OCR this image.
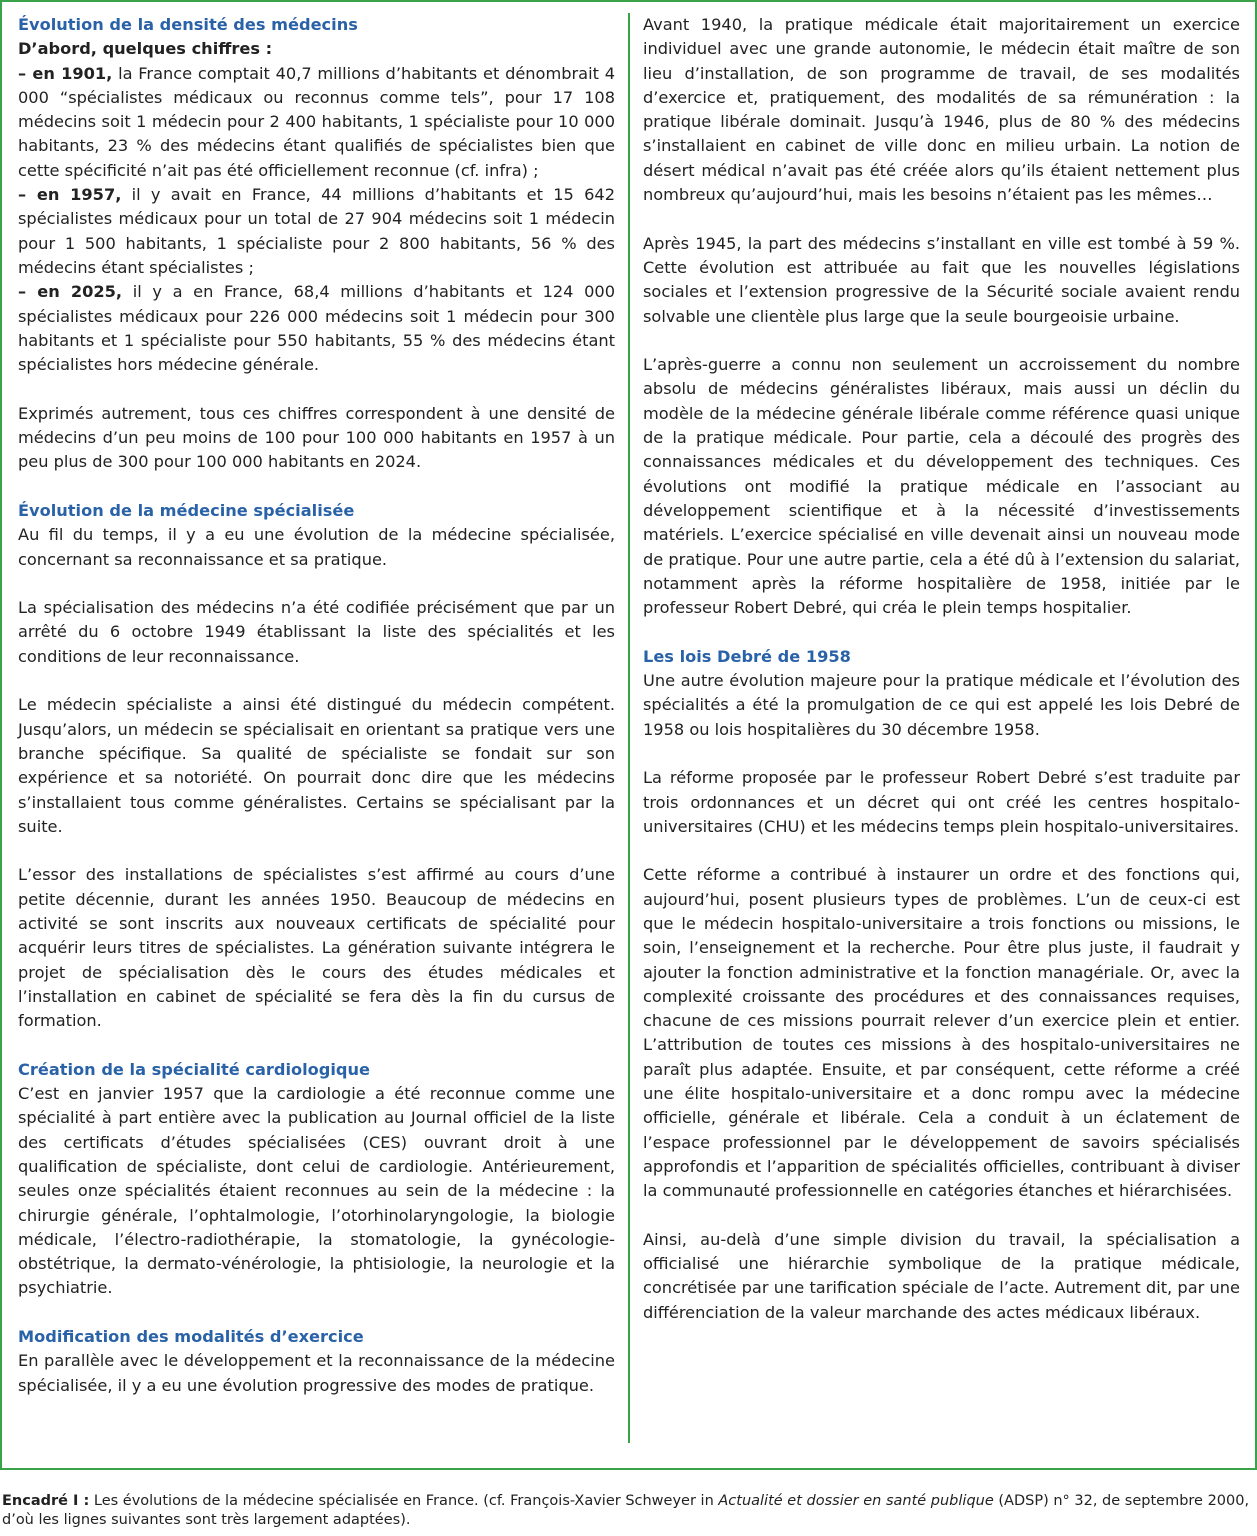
Évolution de la densité des médecins
D’abord, quelques chiffres :

– en 1901, la France comptait 40,7 millions d’habitants et dénombrait 4 000 “spécialistes médicaux ou reconnus comme tels”, pour 17 108 médecins soit 1 médecin pour 2 400 habitants, 1 spécialiste pour 10 000 habitants, 23 % des médecins étant qualifiés de spécialistes bien que cette spécificité n’ait pas été officiellement reconnue (cf. infra) ;

– en 1957, il y avait en France, 44 millions d’habitants et 15 642 spécialistes médicaux pour un total de 27 904 médecins soit 1 médecin pour 1 500 habitants, 1 spécialiste pour 2 800 habitants, 56 % des médecins étant spécialistes ;

– en 2025, il y a en France, 68,4 millions d’habitants et 124 000 spécialistes médicaux pour 226 000 médecins soit 1 médecin pour 300 habitants et 1 spécialiste pour 550 habitants, 55 % des médecins étant spécialistes hors médecine générale.

Exprimés autrement, tous ces chiffres correspondent à une densité de médecins d’un peu moins de 100 pour 100 000 habitants en 1957 à un peu plus de 300 pour 100 000 habitants en 2024.

Évolution de la médecine spécialisée

Au fil du temps, il y a eu une évolution de la médecine spécialisée, concernant sa reconnaissance et sa pratique.

La spécialisation des médecins n’a été codifiée précisément que par un arrêté du 6 octobre 1949 établissant la liste des spécialités et les conditions de leur reconnaissance.

Le médecin spécialiste a ainsi été distingué du médecin compétent. Jusqu’alors, un médecin se spécialisait en orientant sa pratique vers une branche spécifique. Sa qualité de spécialiste se fondait sur son expérience et sa notoriété. On pourrait donc dire que les médecins s’installaient tous comme généralistes. Certains se spécialisant par la suite.

L’essor des installations de spécialistes s’est affirmé au cours d’une petite décennie, durant les années 1950. Beaucoup de médecins en activité se sont inscrits aux nouveaux certificats de spécialité pour acquérir leurs titres de spécialistes. La génération suivante intégrera le projet de spécialisation dès le cours des études médicales et l’installation en cabinet de spécialité se fera dès la fin du cursus de formation.

Création de la spécialité cardiologique

C’est en janvier 1957 que la cardiologie a été reconnue comme une spécialité à part entière avec la publication au Journal officiel de la liste des certificats d’études spécialisées (CES) ouvrant droit à une qualification de spécialiste, dont celui de cardiologie. Antérieurement, seules onze spécialités étaient reconnues au sein de la médecine : la chirurgie générale, l’ophtalmologie, l’otorhinolaryngologie, la biologie médicale, l’électro-radiothérapie, la stomatologie, la gynécologie-obstétrique, la dermato-vénérologie, la phtisiologie, la neurologie et la psychiatrie.

Modification des modalités d’exercice

En parallèle avec le développement et la reconnaissance de la médecine spécialisée, il y a eu une évolution progressive des modes de pratique.

Avant 1940, la pratique médicale était majoritairement un exercice individuel avec une grande autonomie, le médecin était maître de son lieu d’installation, de son programme de travail, de ses modalités d’exercice et, pratiquement, des modalités de sa rémunération : la pratique libérale dominait. Jusqu’à 1946, plus de 80 % des médecins s’installaient en cabinet de ville donc en milieu urbain. La notion de désert médical n’avait pas été créée alors qu’ils étaient nettement plus nombreux qu’aujourd’hui, mais les besoins n’étaient pas les mêmes…

Après 1945, la part des médecins s’installant en ville est tombé à 59 %. Cette évolution est attribuée au fait que les nouvelles législations sociales et l’extension progressive de la Sécurité sociale avaient rendu solvable une clientèle plus large que la seule bourgeoisie urbaine.

L’après-guerre a connu non seulement un accroissement du nombre absolu de médecins généralistes libéraux, mais aussi un déclin du modèle de la médecine générale libérale comme référence quasi unique de la pratique médicale. Pour partie, cela a découlé des progrès des connaissances médicales et du développement des techniques. Ces évolutions ont modifié la pratique médicale en l’associant au développement scientifique et à la nécessité d’investissements matériels. L’exercice spécialisé en ville devenait ainsi un nouveau mode de pratique. Pour une autre partie, cela a été dû à l’extension du salariat, notamment après la réforme hospitalière de 1958, initiée par le professeur Robert Debré, qui créa le plein temps hospitalier.

Les lois Debré de 1958

Une autre évolution majeure pour la pratique médicale et l’évolution des spécialités a été la promulgation de ce qui est appelé les lois Debré de 1958 ou lois hospitalières du 30 décembre 1958.

La réforme proposée par le professeur Robert Debré s’est traduite par trois ordonnances et un décret qui ont créé les centres hospitalo-universitaires (CHU) et les médecins temps plein hospitalo-universitaires.

Cette réforme a contribué à instaurer un ordre et des fonctions qui, aujourd’hui, posent plusieurs types de problèmes. L’un de ceux-ci est que le médecin hospitalo-universitaire a trois fonctions ou missions, le soin, l’enseignement et la recherche. Pour être plus juste, il faudrait y ajouter la fonction administrative et la fonction managériale. Or, avec la complexité croissante des procédures et des connaissances requises, chacune de ces missions pourrait relever d’un exercice plein et entier. L’attribution de toutes ces missions à des hospitalo-universitaires ne paraît plus adaptée. Ensuite, et par conséquent, cette réforme a créé une élite hospitalo-universitaire et a donc rompu avec la médecine officielle, générale et libérale. Cela a conduit à un éclatement de l’espace professionnel par le développement de savoirs spécialisés approfondis et l’apparition de spécialités officielles, contribuant à diviser la communauté professionnelle en catégories étanches et hiérarchisées.

Ainsi, au-delà d’une simple division du travail, la spécialisation a officialisé une hiérarchie symbolique de la pratique médicale, concrétisée par une tarification spéciale de l’acte. Autrement dit, par une différenciation de la valeur marchande des actes médicaux libéraux.

Encadré I : Les évolutions de la médecine spécialisée en France. (cf. François-Xavier Schweyer in Actualité et dossier en santé publique (ADSP) n° 32, de septembre 2000, d’où les lignes suivantes sont très largement adaptées).
